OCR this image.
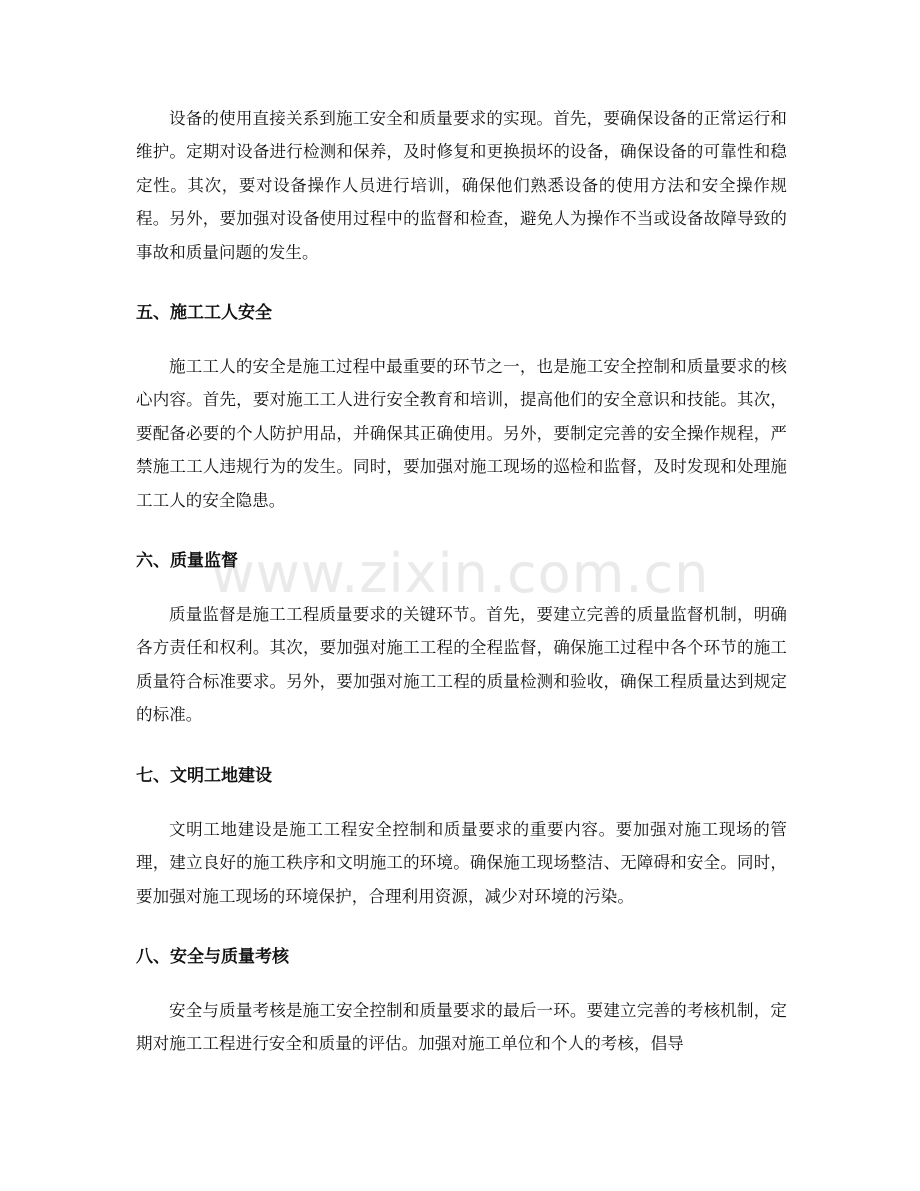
www.zixin.com.cn

设备的使用直接关系到施工安全和质量要求的实现。首先，要确保设备的正常运行和维护。定期对设备进行检测和保养，及时修复和更换损坏的设备，确保设备的可靠性和稳定性。其次，要对设备操作人员进行培训，确保他们熟悉设备的使用方法和安全操作规程。另外，要加强对设备使用过程中的监督和检查，避免人为操作不当或设备故障导致的事故和质量问题的发生。

五、施工工人安全

施工工人的安全是施工过程中最重要的环节之一，也是施工安全控制和质量要求的核心内容。首先，要对施工工人进行安全教育和培训，提高他们的安全意识和技能。其次，要配备必要的个人防护用品，并确保其正确使用。另外，要制定完善的安全操作规程，严禁施工工人违规行为的发生。同时，要加强对施工现场的巡检和监督，及时发现和处理施工工人的安全隐患。

六、质量监督

质量监督是施工工程质量要求的关键环节。首先，要建立完善的质量监督机制，明确各方责任和权利。其次，要加强对施工工程的全程监督，确保施工过程中各个环节的施工质量符合标准要求。另外，要加强对施工工程的质量检测和验收，确保工程质量达到规定的标准。

七、文明工地建设

文明工地建设是施工工程安全控制和质量要求的重要内容。要加强对施工现场的管理，建立良好的施工秩序和文明施工的环境。确保施工现场整洁、无障碍和安全。同时，要加强对施工现场的环境保护，合理利用资源，减少对环境的污染。

八、安全与质量考核

安全与质量考核是施工安全控制和质量要求的最后一环。要建立完善的考核机制，定期对施工工程进行安全和质量的评估。加强对施工单位和个人的考核，倡导
